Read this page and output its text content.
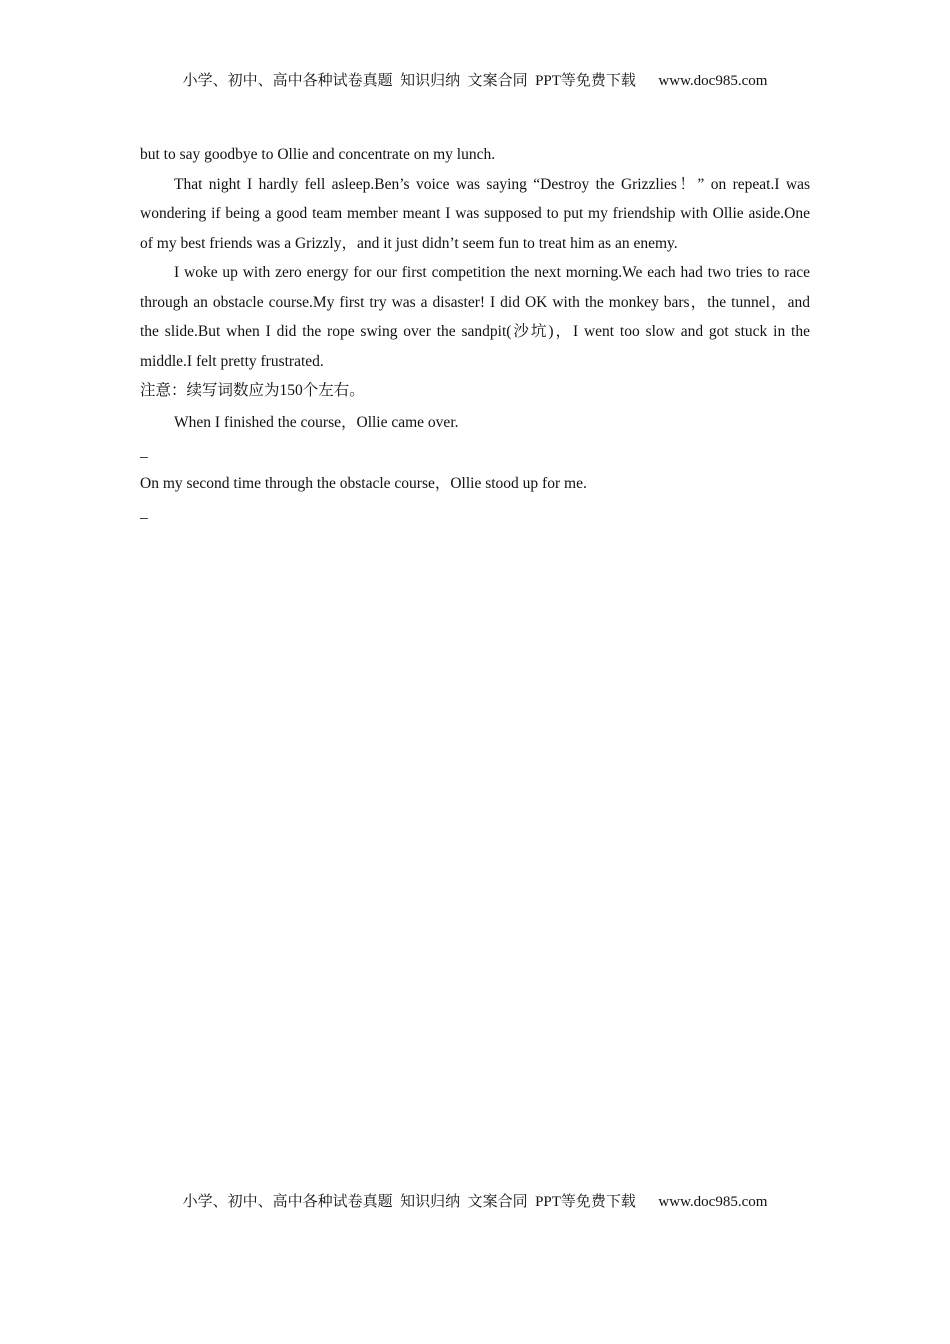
小学、初中、高中各种试卷真题  知识归纳  文案合同  PPT等免费下载      www.doc985.com

but to say goodbye to Ollie and concentrate on my lunch.

That night I hardly fell asleep.Ben’s voice was saying “Destroy the Grizzlies！” on repeat.I was wondering if being a good team member meant I was supposed to put my friendship with Ollie aside.One of my best friends was a Grizzly，and it just didn’t seem fun to treat him as an enemy.

I woke up with zero energy for our first competition the next morning.We each had two tries to race through an obstacle course.My first try was a disaster! I did OK with the monkey bars，the tunnel，and the slide.But when I did the rope swing over the sandpit(沙坑)，I went too slow and got stuck in the middle.I felt pretty frustrated.

注意：续写词数应为150个左右。

When I finished the course，Ollie came over.

_

On my second time through the obstacle course，Ollie stood up for me.

_

小学、初中、高中各种试卷真题  知识归纳  文案合同  PPT等免费下载      www.doc985.com
